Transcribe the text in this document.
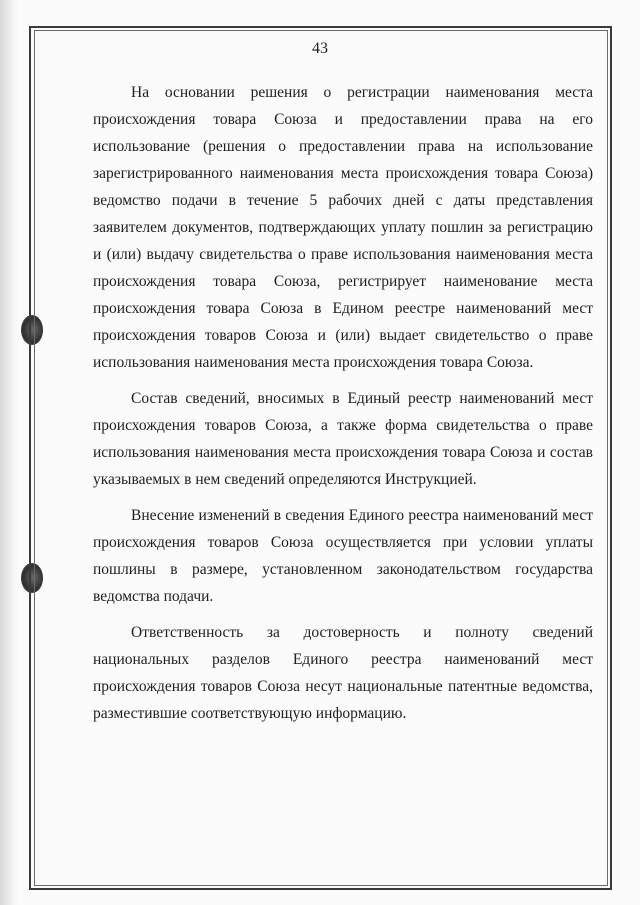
43

На основании решения о регистрации наименования места происхождения товара Союза и предоставлении права на его использование (решения о предоставлении права на использование зарегистрированного наименования места происхождения товара Союза) ведомство подачи в течение 5 рабочих дней с даты представления заявителем документов, подтверждающих уплату пошлин за регистрацию и (или) выдачу свидетельства о праве использования наименования места происхождения товара Союза, регистрирует наименование места происхождения товара Союза в Едином реестре наименований мест происхождения товаров Союза и (или) выдает свидетельство о праве использования наименования места происхождения товара Союза.

Состав сведений, вносимых в Единый реестр наименований мест происхождения товаров Союза, а также форма свидетельства о праве использования наименования места происхождения товара Союза и состав указываемых в нем сведений определяются Инструкцией.

Внесение изменений в сведения Единого реестра наименований мест происхождения товаров Союза осуществляется при условии уплаты пошлины в размере, установленном законодательством государства ведомства подачи.

Ответственность за достоверность и полноту сведений национальных разделов Единого реестра наименований мест происхождения товаров Союза несут национальные патентные ведомства, разместившие соответствующую информацию.
